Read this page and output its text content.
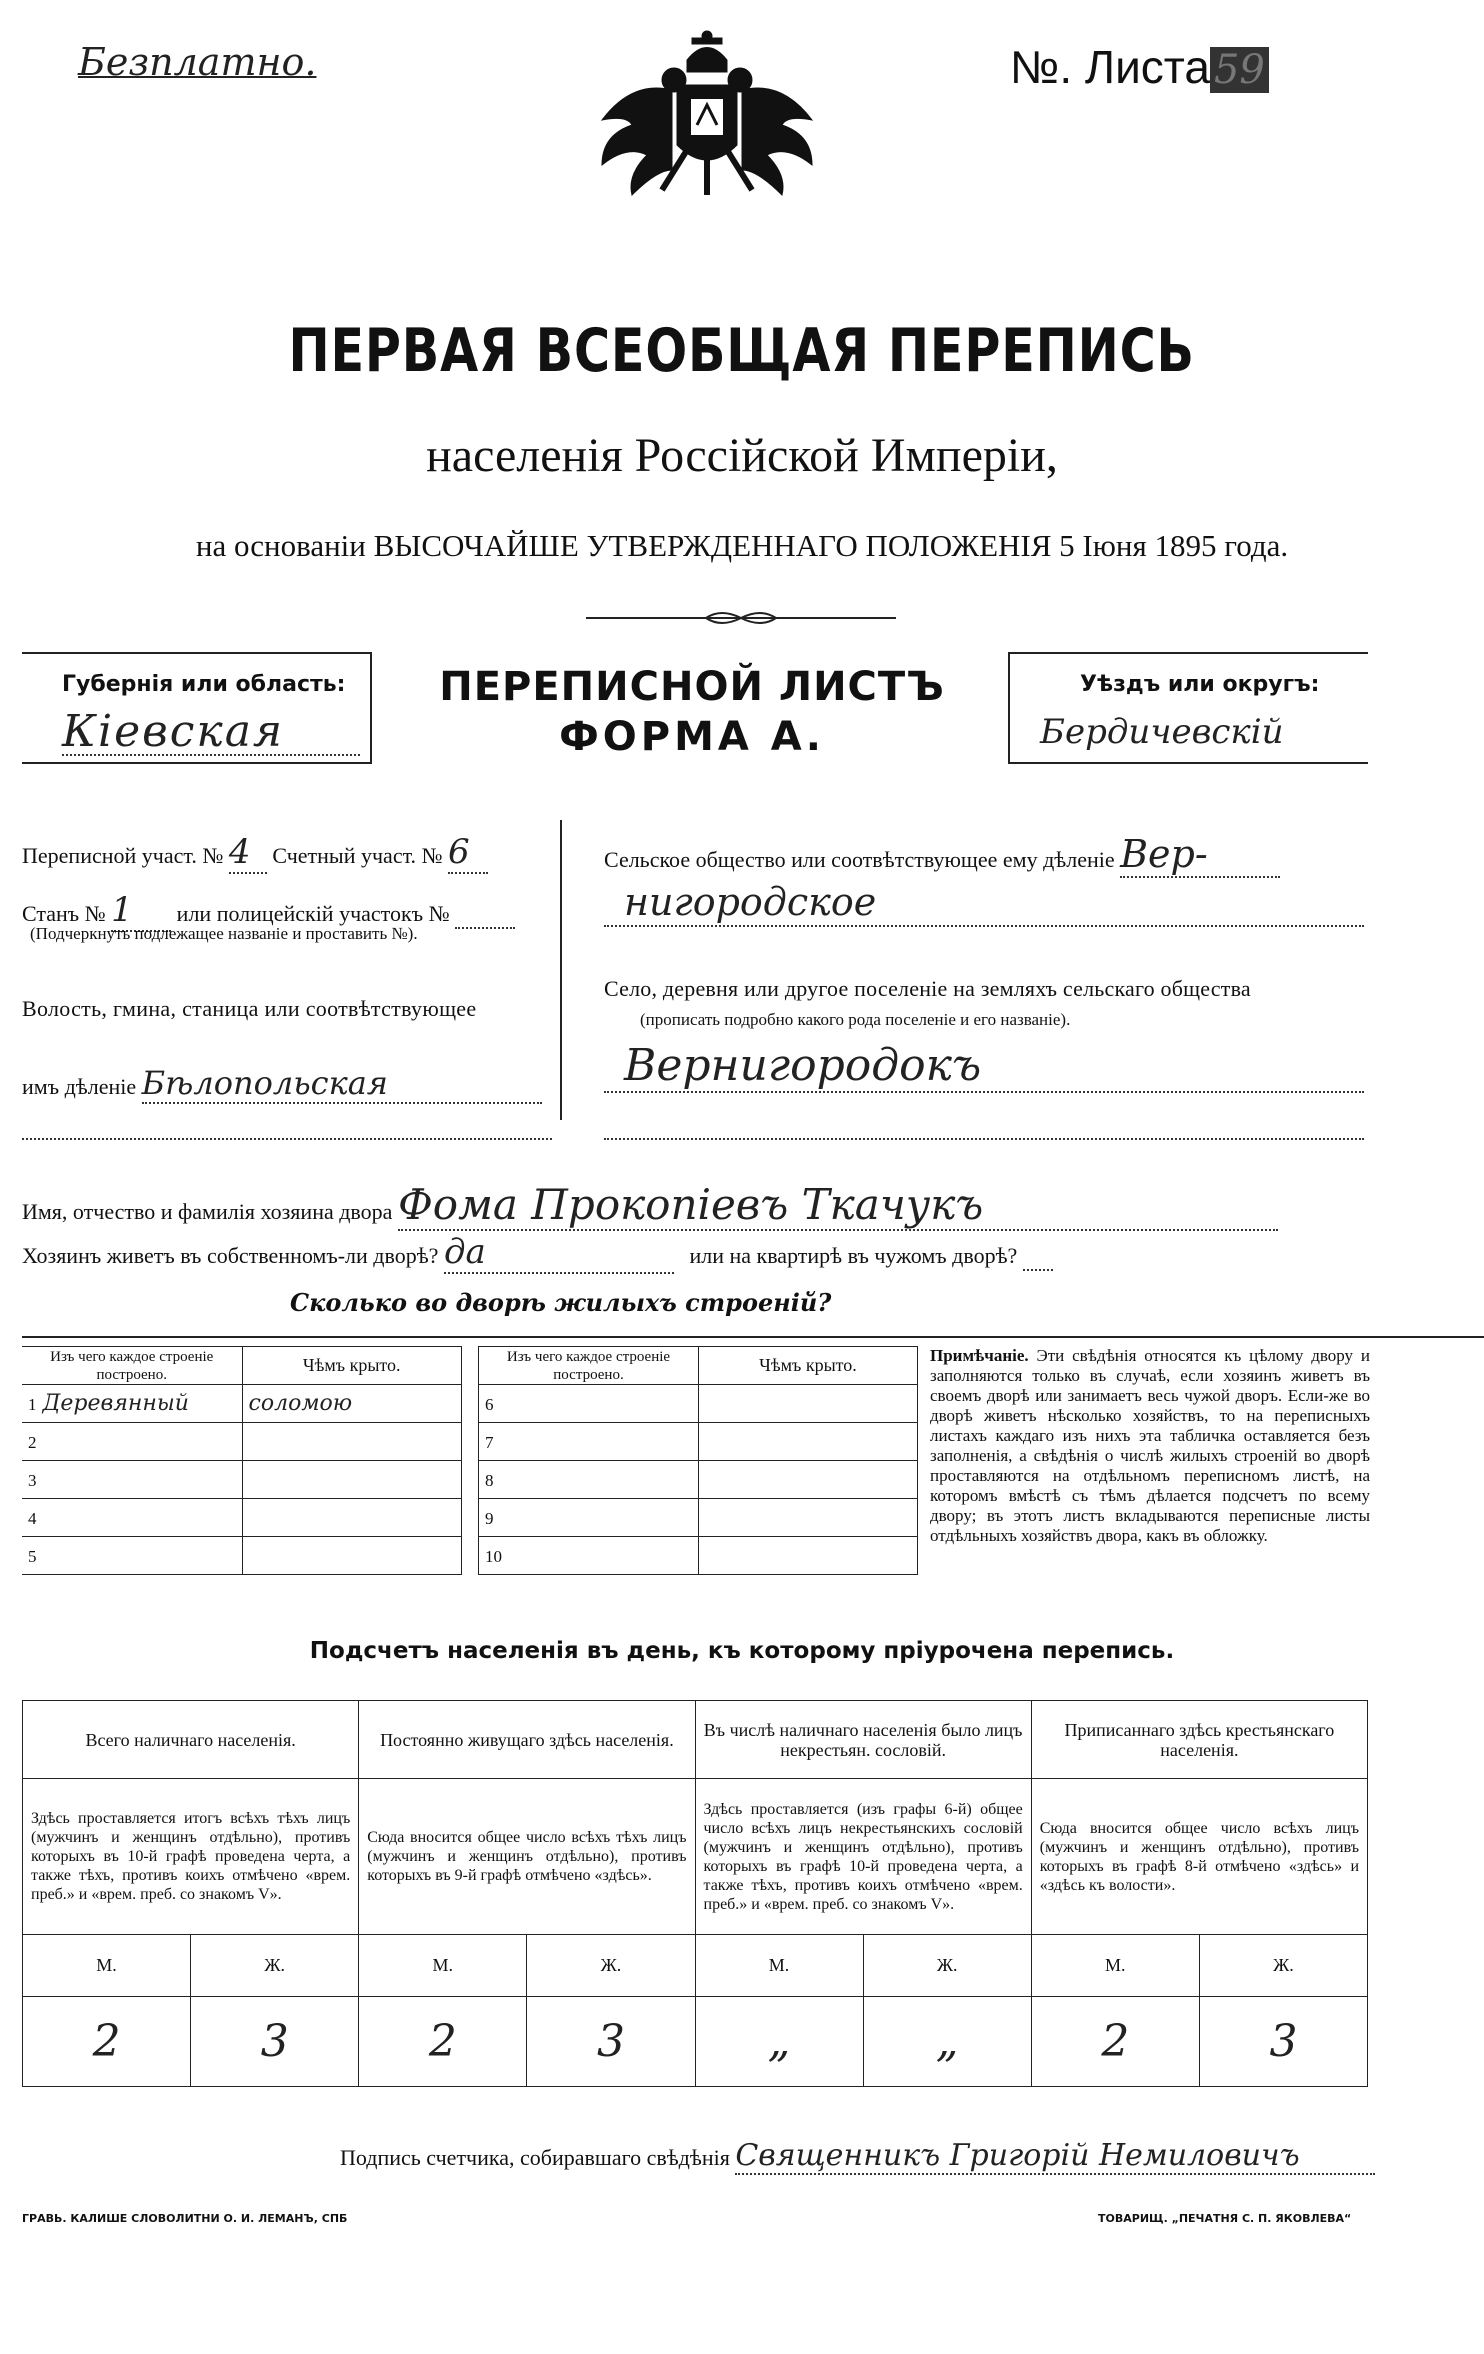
Безплатно.	№. Листа 59
ПЕРВАЯ ВСЕОБЩАЯ ПЕРЕПИСЬ
населенія Россійской Имперіи,
на основаніи ВЫСОЧАЙШЕ УТВЕРЖДЕННАГО ПОЛОЖЕНІЯ 5 Іюня 1895 года.
Губернія или область:
Кіевская
ПЕРЕПИСНОЙ ЛИСТЪ
ФОРМА А.
Уѣздъ или округъ:
Бердичевскій
Переписной участ. № 4 Счетный участ. № 6
Станъ № 1 или полицейскій участокъ №
(Подчеркнуть подлежащее названіе и проставить №).
Волость, гмина, станица или соотвѣтствующее
имъ дѣленіе Бѣлопольская
Сельское общество или соотвѣтствующее ему дѣленіе Вер-
нигородское
Село, деревня или другое поселеніе на земляхъ сельскаго общества
(прописать подробно какого рода поселеніе и его названіе).
Вернигородокъ
Имя, отчество и фамилія хозяина двора Фома Прокопіевъ Ткачукъ
Хозяинъ живетъ въ собственномъ-ли дворѣ? да	или на квартирѣ въ чужомъ дворѣ?
Сколько во дворѣ жилыхъ строеній?
Изъ чего каждое строеніе построено.	Чѣмъ крыто.
1 Деревянный	соломою
2	
3	
4	
5	
Изъ чего каждое строеніе построено.	Чѣмъ крыто.
6	
7	
8	
9	
10	
Примѣчаніе. Эти свѣдѣнія относятся къ цѣлому двору и заполняются только въ случаѣ, если хозяинъ живетъ въ своемъ дворѣ или занимаетъ весь чужой дворъ. Если-же во дворѣ живетъ нѣсколько хозяйствъ, то на переписныхъ листахъ каждаго изъ нихъ эта табличка оставляется безъ заполненія, а свѣдѣнія о числѣ жилыхъ строеній во дворѣ проставляются на отдѣльномъ переписномъ листѣ, на которомъ вмѣстѣ съ тѣмъ дѣлается подсчетъ по всему двору; въ этотъ листъ вкладываются переписные листы отдѣльныхъ хозяйствъ двора, какъ въ обложку.
Подсчетъ населенія въ день, къ которому пріурочена перепись.
Всего наличнаго населенія.		Постоянно живущаго здѣсь населенія.		Въ числѣ наличнаго населенія было лицъ некрестьян. сословій.		Приписаннаго здѣсь крестьянскаго населенія.	
Здѣсь проставляется итогъ всѣхъ тѣхъ лицъ (мужчинъ и женщинъ отдѣльно), противъ которыхъ въ 10-й графѣ проведена черта, а также тѣхъ, противъ коихъ отмѣчено «врем. преб.» и «врем. преб. со знакомъ V».		Сюда вносится общее число всѣхъ тѣхъ лицъ (мужчинъ и женщинъ отдѣльно), противъ которыхъ въ 9-й графѣ отмѣчено «здѣсь».		Здѣсь проставляется (изъ графы 6-й) общее число всѣхъ лицъ некрестьянскихъ сословій (мужчинъ и женщинъ отдѣльно), противъ которыхъ въ графѣ 10-й проведена черта, а также тѣхъ, противъ коихъ отмѣчено «врем. преб.» и «врем. преб. со знакомъ V».		Сюда вносится общее число всѣхъ лицъ (мужчинъ и женщинъ отдѣльно), противъ которыхъ въ графѣ 8-й отмѣчено «здѣсь» и «здѣсь къ волости».	
М.	Ж.	М.	Ж.	М.	Ж.	М.	Ж.
2	3	2	3	„	„	2	3
Подпись счетчика, собиравшаго свѣдѣнія Священникъ Григорій Немиловичъ
ГРАВЬ. КАЛИШЕ СЛОВОЛИТНИ О. И. ЛЕМАНЪ, СПБ	ТОВАРИЩ. „ПЕЧАТНЯ С. П. ЯКОВЛЕВА“
